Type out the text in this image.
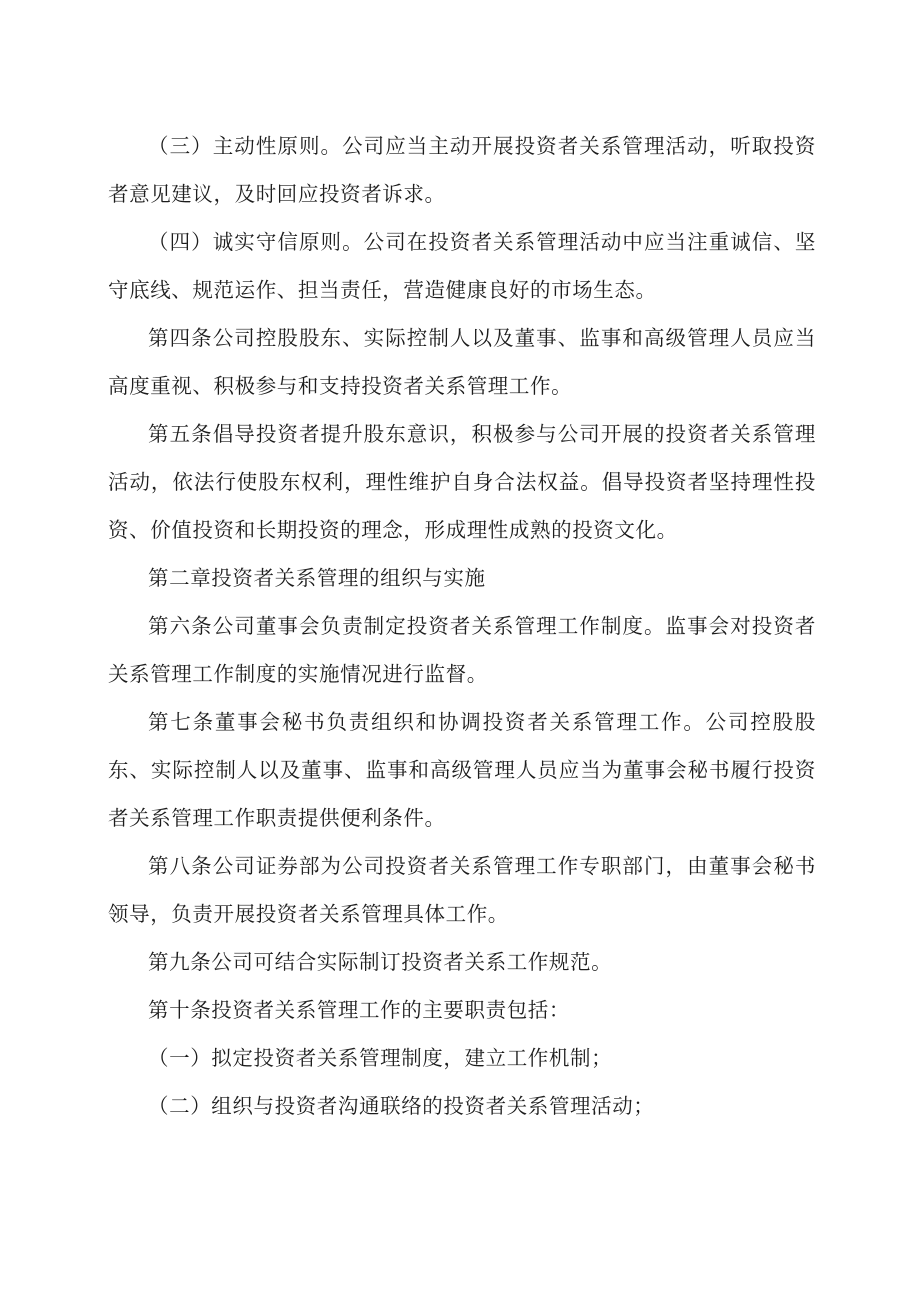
（三）主动性原则。公司应当主动开展投资者关系管理活动，听取投资者意见建议，及时回应投资者诉求。

（四）诚实守信原则。公司在投资者关系管理活动中应当注重诚信、坚守底线、规范运作、担当责任，营造健康良好的市场生态。

第四条公司控股股东、实际控制人以及董事、监事和高级管理人员应当高度重视、积极参与和支持投资者关系管理工作。

第五条倡导投资者提升股东意识，积极参与公司开展的投资者关系管理活动，依法行使股东权利，理性维护自身合法权益。倡导投资者坚持理性投资、价值投资和长期投资的理念，形成理性成熟的投资文化。

第二章投资者关系管理的组织与实施

第六条公司董事会负责制定投资者关系管理工作制度。监事会对投资者关系管理工作制度的实施情况进行监督。

第七条董事会秘书负责组织和协调投资者关系管理工作。公司控股股东、实际控制人以及董事、监事和高级管理人员应当为董事会秘书履行投资者关系管理工作职责提供便利条件。

第八条公司证券部为公司投资者关系管理工作专职部门，由董事会秘书领导，负责开展投资者关系管理具体工作。

第九条公司可结合实际制订投资者关系工作规范。

第十条投资者关系管理工作的主要职责包括：

（一）拟定投资者关系管理制度，建立工作机制；

（二）组织与投资者沟通联络的投资者关系管理活动；
